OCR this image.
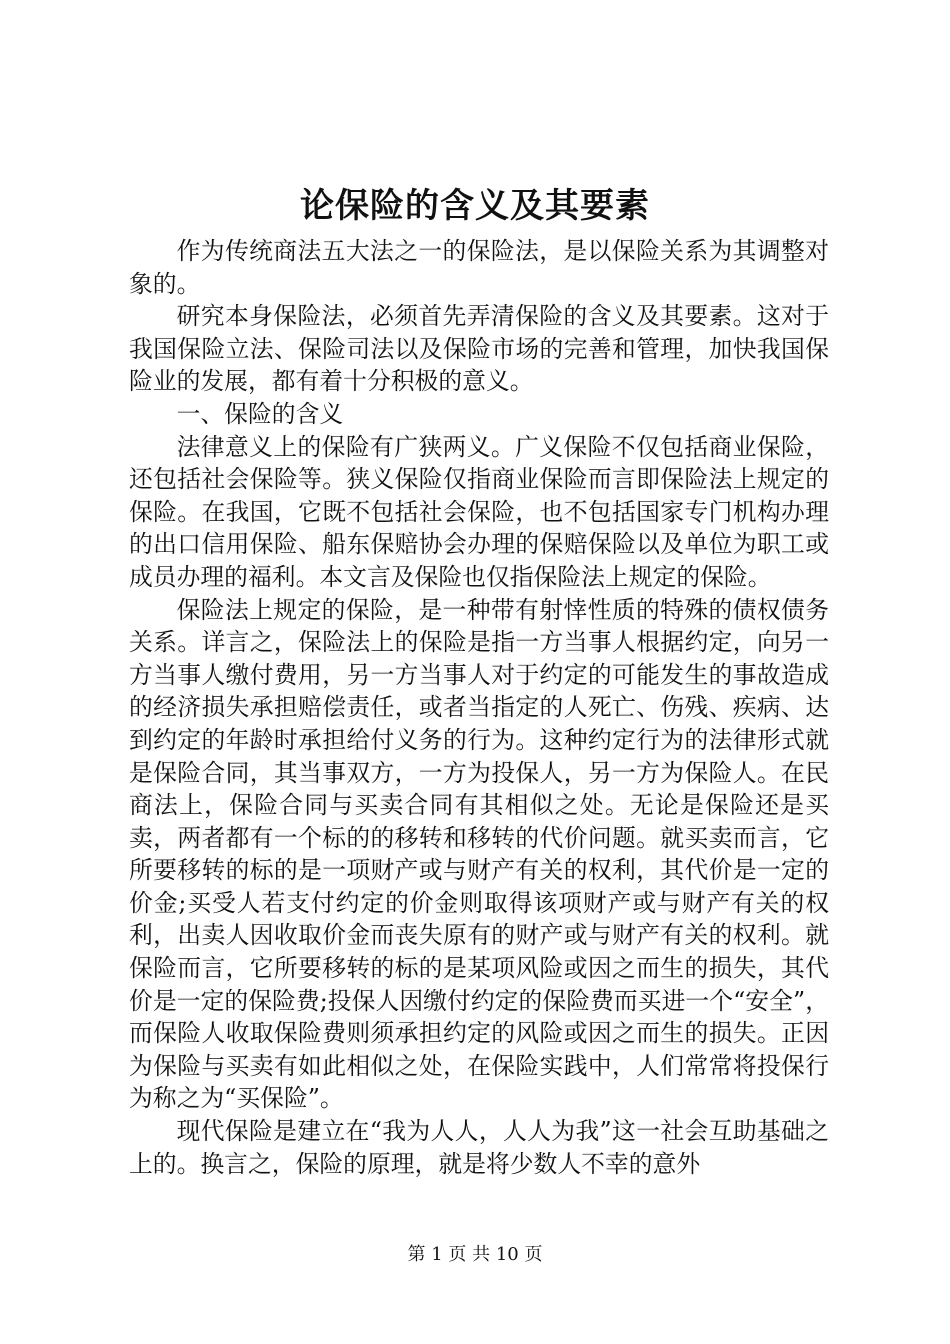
论保险的含义及其要素

作为传统商法五大法之一的保险法，是以保险关系为其调整对象的。

研究本身保险法，必须首先弄清保险的含义及其要素。这对于我国保险立法、保险司法以及保险市场的完善和管理，加快我国保险业的发展，都有着十分积极的意义。

一、保险的含义

法律意义上的保险有广狭两义。广义保险不仅包括商业保险，还包括社会保险等。狭义保险仅指商业保险而言即保险法上规定的保险。在我国，它既不包括社会保险，也不包括国家专门机构办理的出口信用保险、船东保赔协会办理的保赔保险以及单位为职工或成员办理的福利。本文言及保险也仅指保险法上规定的保险。

保险法上规定的保险，是一种带有射悻性质的特殊的债权债务关系。详言之，保险法上的保险是指一方当事人根据约定，向另一方当事人缴付费用，另一方当事人对于约定的可能发生的事故造成的经济损失承担赔偿责任，或者当指定的人死亡、伤残、疾病、达到约定的年龄时承担给付义务的行为。这种约定行为的法律形式就是保险合同，其当事双方，一方为投保人，另一方为保险人。在民商法上，保险合同与买卖合同有其相似之处。无论是保险还是买卖，两者都有一个标的的移转和移转的代价问题。就买卖而言，它所要移转的标的是一项财产或与财产有关的权利，其代价是一定的价金;买受人若支付约定的价金则取得该项财产或与财产有关的权利，出卖人因收取价金而丧失原有的财产或与财产有关的权利。就保险而言，它所要移转的标的是某项风险或因之而生的损失，其代价是一定的保险费;投保人因缴付约定的保险费而买进一个“安全”，而保险人收取保险费则须承担约定的风险或因之而生的损失。正因为保险与买卖有如此相似之处，在保险实践中，人们常常将投保行为称之为“买保险”。

现代保险是建立在“我为人人，人人为我”这一社会互助基础之上的。换言之，保险的原理，就是将少数人不幸的意外

第 1 页 共 10 页
